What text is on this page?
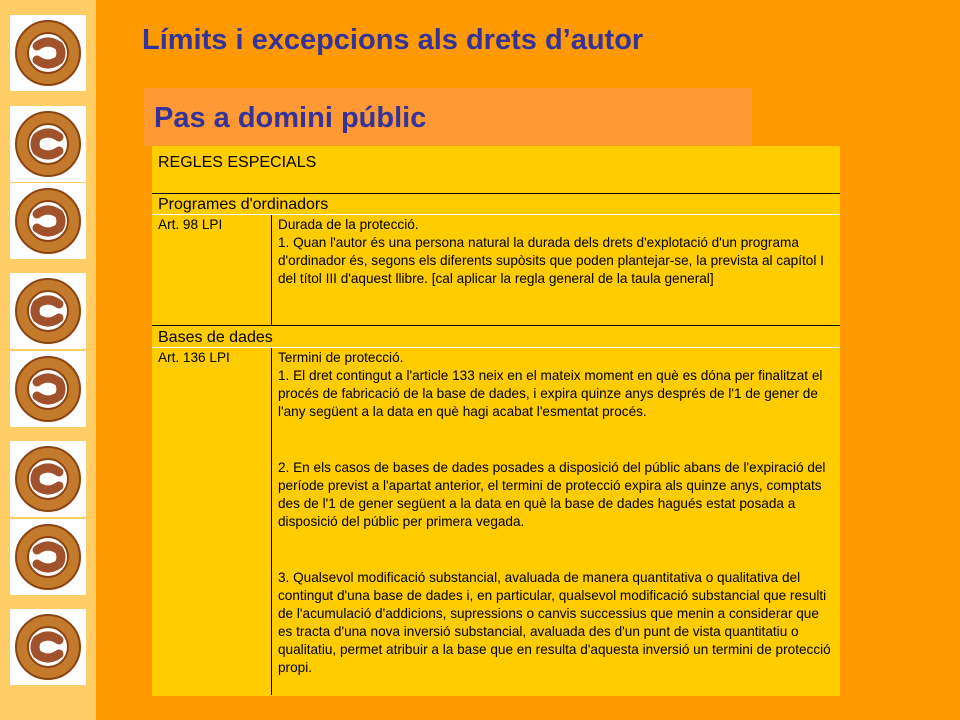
Límits i excepcions als drets d’autor
Pas a domini públic
REGLES ESPECIALS
Programes d'ordinadors
Art. 98 LPI	Durada de la protecció.
1. Quan l'autor és una persona natural la durada dels drets d'explotació d'un programa d'ordinador és, segons els diferents supòsits que poden plantejar-se, la prevista al capítol I del títol III d'aquest llibre. [cal aplicar la regla general de la taula general]

Bases de dades
Art. 136 LPI	Termini de protecció.
1. El dret contingut a l'article 133 neix en el mateix moment en què es dóna per finalitzat el procés de fabricació de la base de dades, i expira quinze anys després de l'1 de gener de l'any següent a la data en què hagi acabat l'esmentat procés.

2. En els casos de bases de dades posades a disposició del públic abans de l'expiració del període previst a l'apartat anterior, el termini de protecció expira als quinze anys, comptats des de l'1 de gener següent a la data en què la base de dades hagués estat posada a disposició del públic per primera vegada.

3. Qualsevol modificació substancial, avaluada de manera quantitativa o qualitativa del contingut d'una base de dades i, en particular, qualsevol modificació substancial que resulti de l'acumulació d'addicions, supressions o canvis successius que menin a considerar que es tracta d'una nova inversió substancial, avaluada des d'un punt de vista quantitatiu o qualitatiu, permet atribuir a la base que en resulta d'aquesta inversió un termini de protecció propi.
